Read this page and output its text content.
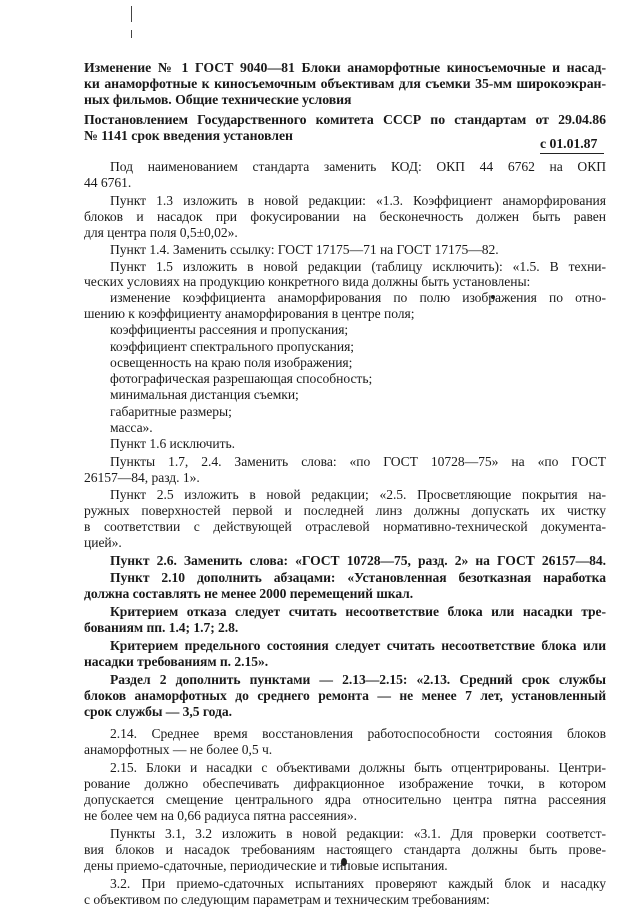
Изменение № 1 ГОСТ 9040—81 Блоки анаморфотные киносъемочные и насад-

ки анаморфотные к киносъемочным объективам для съемки 35-мм широкоэкран-

ных фильмов. Общие технические условия

Постановлением Государственного комитета СССР по стандартам от 29.04.86

№ 1141 срок введения установлен

с 01.01.87

Под наименованием стандарта заменить КОД: ОКП 44 6762 на ОКП

44 6761.

Пункт 1.3 изложить в новой редакции: «1.3. Коэффициент анаморфирования

блоков и насадок при фокусировании на бесконечность должен быть равен

для центра поля 0,5±0,02».

Пункт 1.4. Заменить ссылку: ГОСТ 17175—71 на ГОСТ 17175—82.

Пункт 1.5 изложить в новой редакции (таблицу исключить): «1.5. В техни-

ческих условиях на продукцию конкретного вида должны быть установлены:

изменение коэффициента анаморфирования по полю изображения по отно-

шению к коэффициенту анаморфирования в центре поля;

коэффициенты рассеяния и пропускания;

коэффициент спектрального пропускания;

освещенность на краю поля изображения;

фотографическая разрешающая способность;

минимальная дистанция съемки;

габаритные размеры;

масса».

Пункт 1.6 исключить.

Пункты 1.7, 2.4. Заменить слова: «по ГОСТ 10728—75» на «по ГОСТ

26157—84, разд. 1».

Пункт 2.5 изложить в новой редакции; «2.5. Просветляющие покрытия на-

ружных поверхностей первой и последней линз должны допускать их чистку

в соответствии с действующей отраслевой нормативно-технической документа-

цией».

Пункт 2.6. Заменить слова: «ГОСТ 10728—75, разд. 2» на ГОСТ 26157—84.

Пункт 2.10 дополнить абзацами: «Установленная безотказная наработка

должна составлять не менее 2000 перемещений шкал.

Критерием отказа следует считать несоответствие блока или насадки тре-

бованиям пп. 1.4; 1.7; 2.8.

Критерием предельного состояния следует считать несоответствие блока или

насадки требованиям п. 2.15».

Раздел 2 дополнить пунктами — 2.13—2.15: «2.13. Средний срок службы

блоков анаморфотных до среднего ремонта — не менее 7 лет, установленный

срок службы — 3,5 года.

2.14. Среднее время восстановления работоспособности состояния блоков

анаморфотных — не более 0,5 ч.

2.15. Блоки и насадки с объективами должны быть отцентрированы. Центри-

рование должно обеспечивать дифракционное изображение точки, в котором

допускается смещение центрального ядра относительно центра пятна рассеяния

не более чем на 0,66 радиуса пятна рассеяния».

Пункты 3.1, 3.2 изложить в новой редакции: «3.1. Для проверки соответст-

вия блоков и насадок требованиям настоящего стандарта должны быть прове-

дены приемо-сдаточные, периодические и типовые испытания.

3.2. При приемо-сдаточных испытаниях проверяют каждый блок и насадку

с объективом по следующим параметрам и техническим требованиям:
